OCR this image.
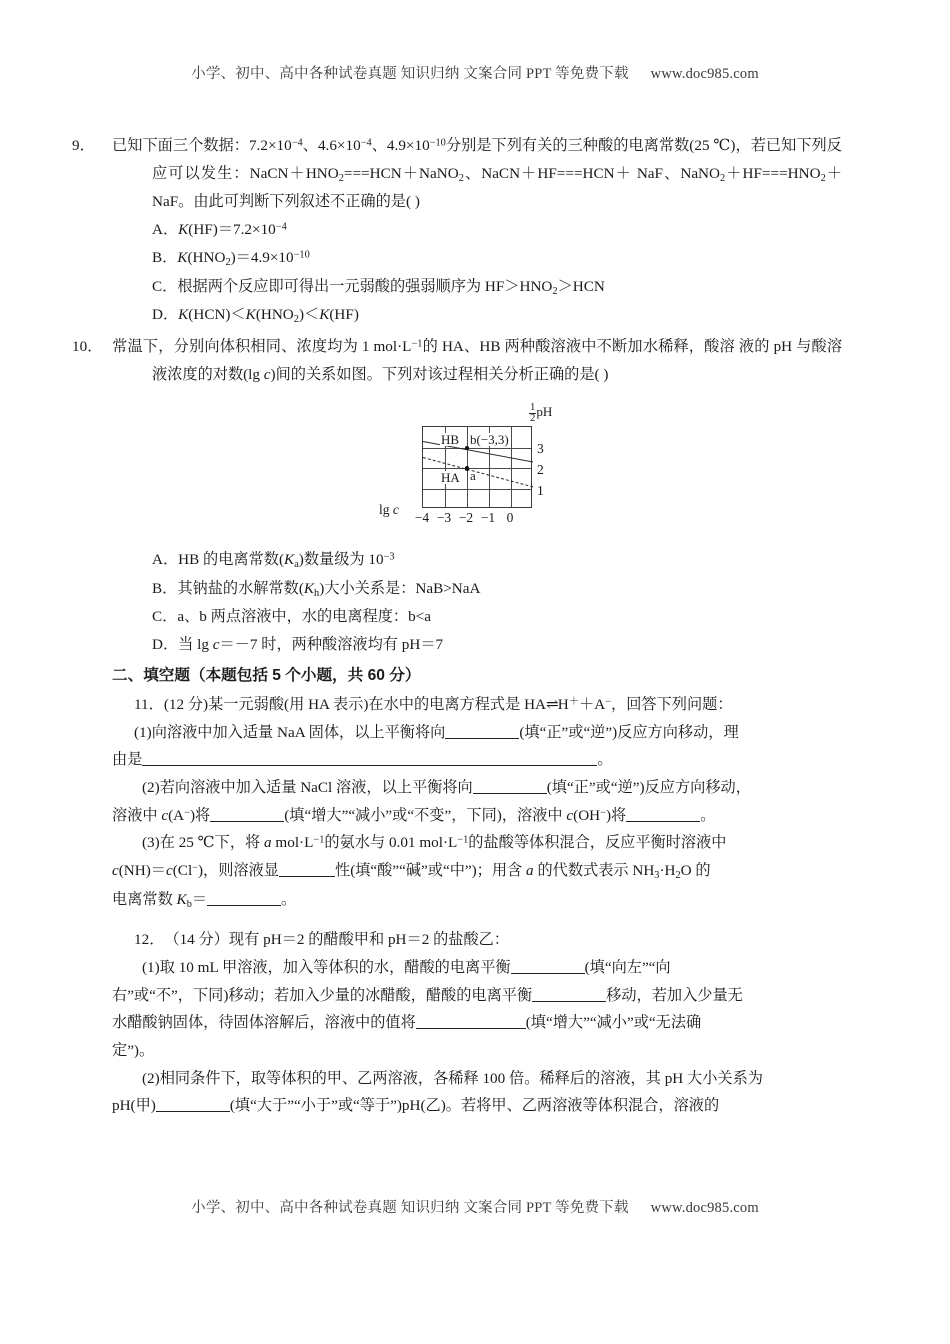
小学、初中、高中各种试卷真题 知识归纳 文案合同 PPT 等免费下载 www.doc985.com
9． 已知下面三个数据：$7.2\times 10^{-4}$、$4.6\times 10^{-4}$、$4.9\times 10^{-10}$分别是下列有关的三种酸的电离常数(25 ℃)，若已知下列反应可以发生：$NaCN+HNO_2===HCN+NaNO_2$、NaCN＋HF===HCN＋ NaF、$NaNO_2+HF===HNO_2+NaF$。由此可判断下列叙述不正确的是( )
A．$K(HF)=7.2\times 10^{-4}$
B．$K(HNO_2)=4.9\times 10^{-10}$
C．根据两个反应即可得出一元弱酸的强弱顺序为 $HF>HNO_2>HCN$
D．$K(HCN)<K(HNO_2)<K(HF)$
10． 常温下，分别向体积相同、浓度均为 1 $mol\cdot L^{-1}$的 HA、HB 两种酸溶液中不断加水稀释，酸溶 液的 pH 与酸溶液浓度的对数(lg c)间的关系如图。下列对该过程相关分析正确的是( )
$\frac{1}{2}$ pH
HB b(−3,3)
HA a
3
2
1
lg c
−4 −3 −2 −1 0
A．HB 的电离常数$(K_a)$数量级为 $10^{-3}$
B．其钠盐的水解常数$(K_h)$大小关系是：NaB>NaA
C．a、b 两点溶液中，水的电离程度：b<a
D．当 lg c＝－7 时，两种酸溶液均有 pH＝7
二、填空题（本题包括 5 个小题，共 60 分）
11．(12 分)某一元弱酸(用 HA 表示)在水中的电离方程式是 HA⇌H＋＋A−，回答下列问题：
(1)向溶液中加入适量 NaA 固体，以上平衡将向	(填“正”或“逆”)反应方向移动，理
由是	。
(2)若向溶液中加入适量 NaCl 溶液，以上平衡将向	(填“正”或“逆”)反应方向移动，
溶液中 c(A−)将	(填“增大”“减小”或“不变”，下同)，溶液中 c(OH−)将	。
(3)在 25 ℃下，将 a $mol\cdot L^{-1}$的氨水与 0.01 $mol\cdot L^{-1}$的盐酸等体积混合，反应平衡时溶液中
c(NH)＝c(Cl−)，则溶液显	性(填“酸”“碱”或“中”)；用含 a 的代数式表示 $NH_3\cdot H_2O$ 的
电离常数 $K_b=$	。
12．（14 分）现有 pH＝2 的醋酸甲和 pH＝2 的盐酸乙：
(1)取 10 mL 甲溶液，加入等体积的水，醋酸的电离平衡	(填“向左”“向
右”或“不”，下同)移动；若加入少量的冰醋酸，醋酸的电离平衡	移动，若加入少量无
水醋酸钠固体，待固体溶解后，溶液中的值将	(填“增大”“减小”或“无法确
定”)。
(2)相同条件下，取等体积的甲、乙两溶液，各稀释 100 倍。稀释后的溶液，其 pH 大小关系为
pH(甲)	(填“大于”“小于”或“等于”)pH(乙)。若将甲、乙两溶液等体积混合，溶液的
小学、初中、高中各种试卷真题 知识归纳 文案合同 PPT 等免费下载 www.doc985.com
